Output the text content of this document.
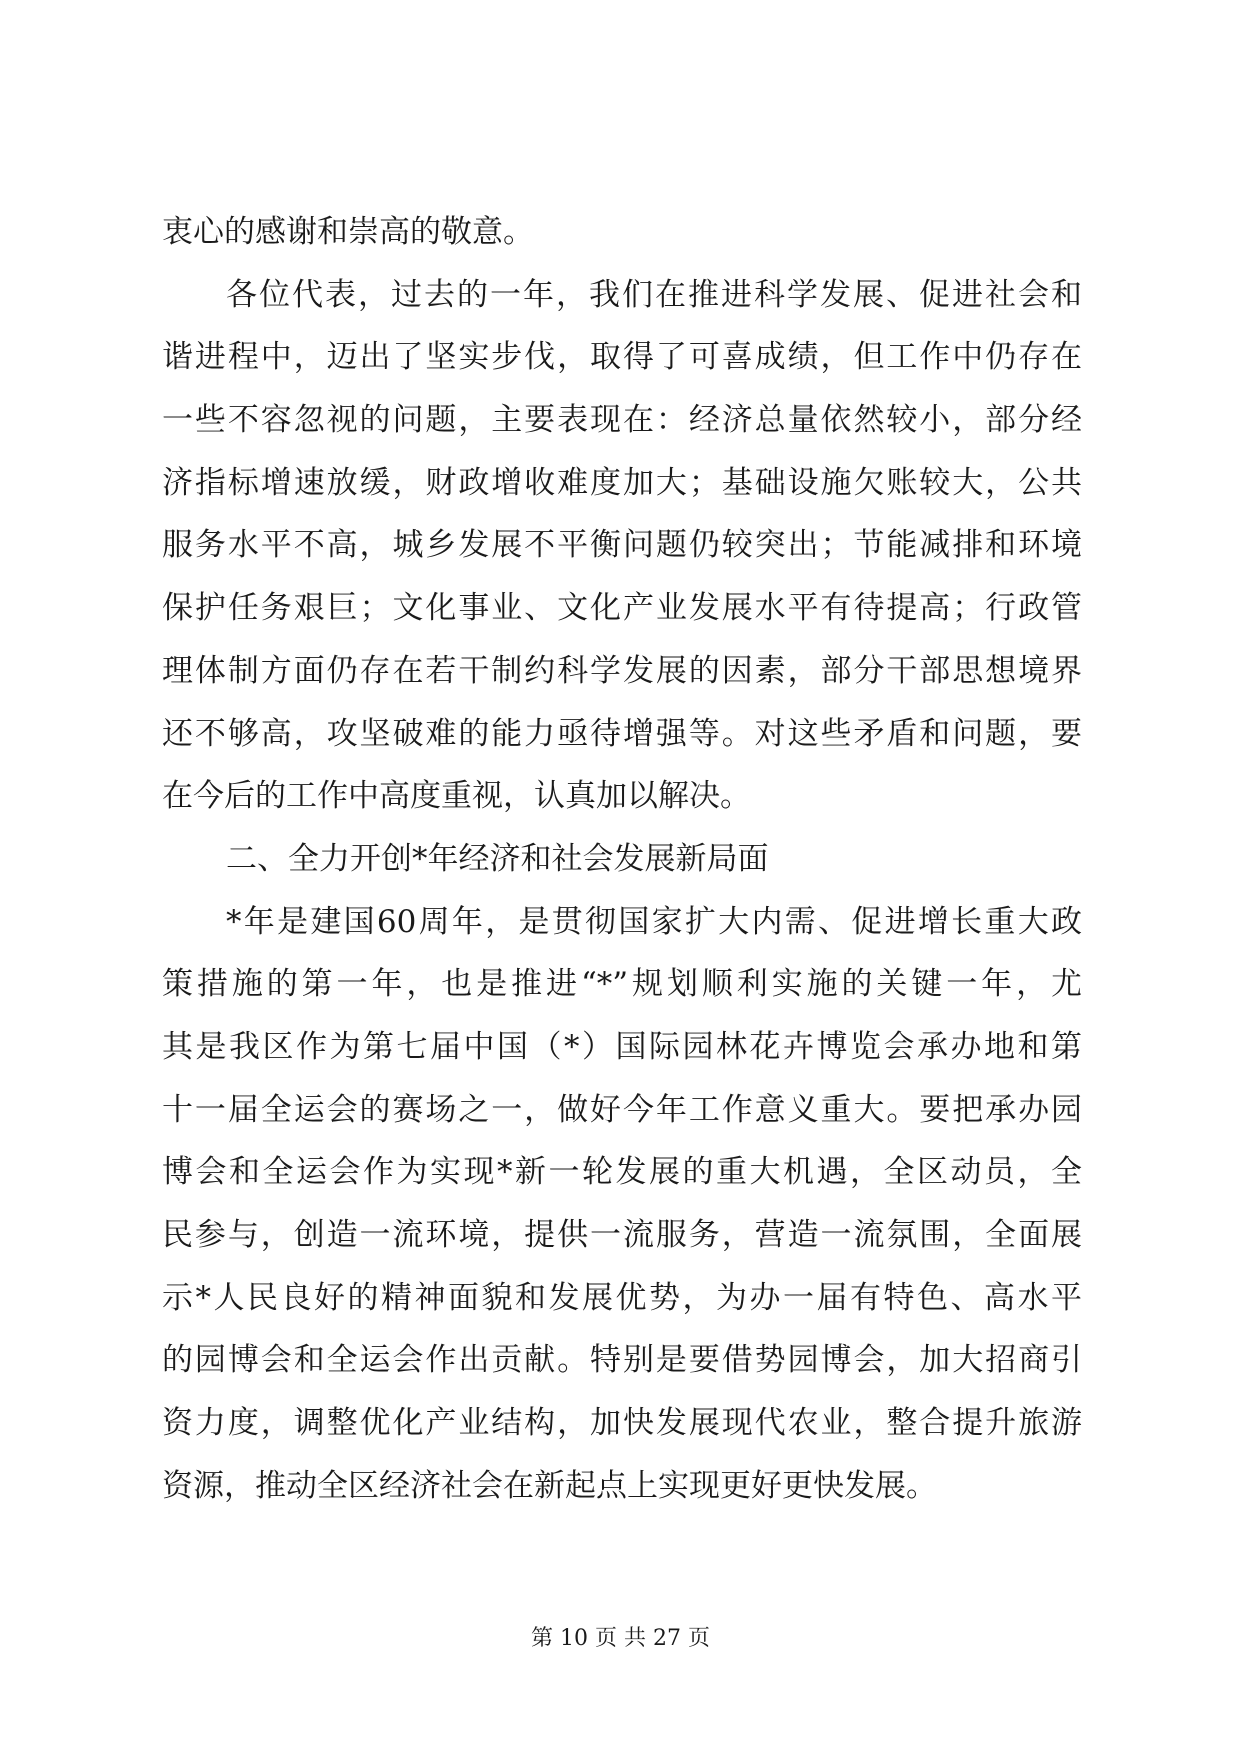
衷心的感谢和崇高的敬意。
各位代表，过去的一年，我们在推进科学发展、促进社会和
谐进程中，迈出了坚实步伐，取得了可喜成绩，但工作中仍存在
一些不容忽视的问题，主要表现在：经济总量依然较小，部分经
济指标增速放缓，财政增收难度加大；基础设施欠账较大，公共
服务水平不高，城乡发展不平衡问题仍较突出；节能减排和环境
保护任务艰巨；文化事业、文化产业发展水平有待提高；行政管
理体制方面仍存在若干制约科学发展的因素，部分干部思想境界
还不够高，攻坚破难的能力亟待增强等。对这些矛盾和问题，要
在今后的工作中高度重视，认真加以解决。
二、全力开创*年经济和社会发展新局面
*年是建国60周年，是贯彻国家扩大内需、促进增长重大政
策措施的第一年，也是推进“*”规划顺利实施的关键一年，尤
其是我区作为第七届中国（*）国际园林花卉博览会承办地和第
十一届全运会的赛场之一，做好今年工作意义重大。要把承办园
博会和全运会作为实现*新一轮发展的重大机遇，全区动员，全
民参与，创造一流环境，提供一流服务，营造一流氛围，全面展
示*人民良好的精神面貌和发展优势，为办一届有特色、高水平
的园博会和全运会作出贡献。特别是要借势园博会，加大招商引
资力度，调整优化产业结构，加快发展现代农业，整合提升旅游
资源，推动全区经济社会在新起点上实现更好更快发展。
第 10 页 共 27 页
